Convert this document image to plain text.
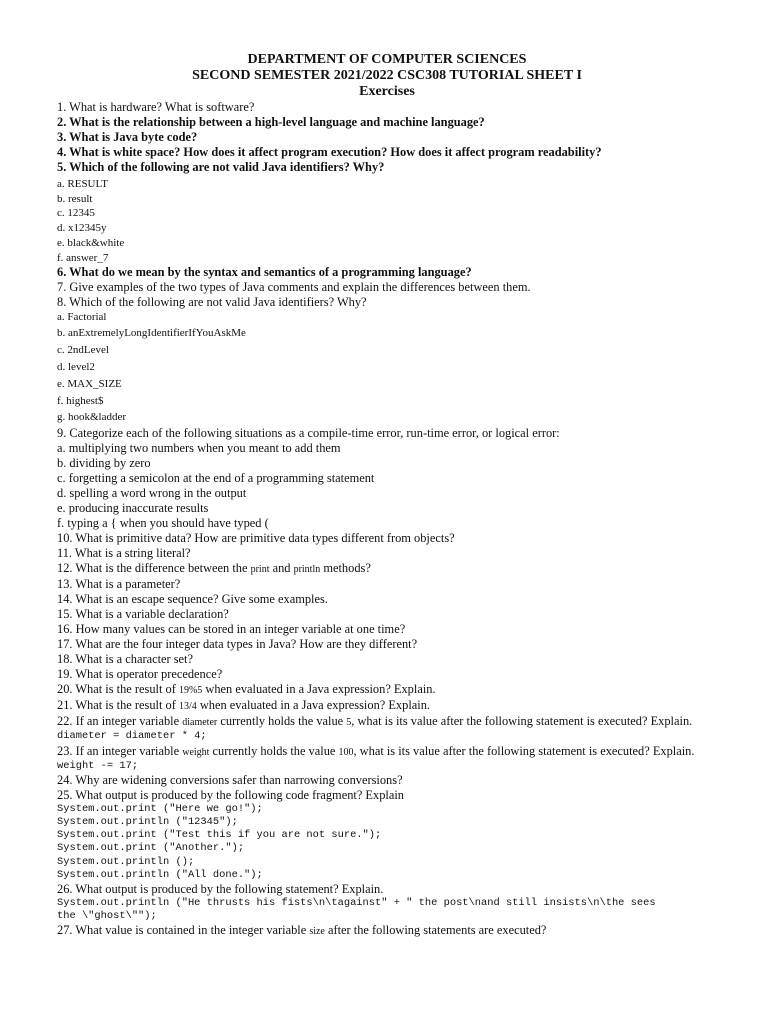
DEPARTMENT OF COMPUTER SCIENCES
SECOND SEMESTER 2021/2022 CSC308 TUTORIAL SHEET I
Exercises
1. What is hardware? What is software?
2. What is the relationship between a high-level language and machine language?
3. What is Java byte code?
4. What is white space? How does it affect program execution? How does it affect program readability?
5. Which of the following are not valid Java identifiers? Why?
a. RESULT
b. result
c. 12345
d. x12345y
e. black&white
f. answer_7
6. What do we mean by the syntax and semantics of a programming language?
7. Give examples of the two types of Java comments and explain the differences between them.
8. Which of the following are not valid Java identifiers? Why?
a. Factorial
b. anExtremelyLongIdentifierIfYouAskMe
c. 2ndLevel
d. level2
e. MAX_SIZE
f. highest$
g. hook&ladder
9. Categorize each of the following situations as a compile-time error, run-time error, or logical error:
a. multiplying two numbers when you meant to add them
b. dividing by zero
c. forgetting a semicolon at the end of a programming statement
d. spelling a word wrong in the output
e. producing inaccurate results
f. typing a { when you should have typed (
10. What is primitive data? How are primitive data types different from objects?
11. What is a string literal?
12. What is the difference between the print and println methods?
13. What is a parameter?
14. What is an escape sequence? Give some examples.
15. What is a variable declaration?
16. How many values can be stored in an integer variable at one time?
17. What are the four integer data types in Java? How are they different?
18. What is a character set?
19. What is operator precedence?
20. What is the result of 19%5 when evaluated in a Java expression? Explain.
21. What is the result of 13/4 when evaluated in a Java expression? Explain.
22. If an integer variable diameter currently holds the value 5, what is its value after the following statement is executed? Explain.
diameter = diameter * 4;
23. If an integer variable weight currently holds the value 100, what is its value after the following statement is executed? Explain.
weight -= 17;
24. Why are widening conversions safer than narrowing conversions?
25. What output is produced by the following code fragment? Explain
System.out.print ("Here we go!");
System.out.println ("12345");
System.out.print ("Test this if you are not sure.");
System.out.print ("Another.");
System.out.println ();
System.out.println ("All done.");
26. What output is produced by the following statement? Explain.
System.out.println ("He thrusts his fists\n\tagainst" + " the post\nand still insists\n\the sees
the \"ghost\"");
27. What value is contained in the integer variable size after the following statements are executed?
